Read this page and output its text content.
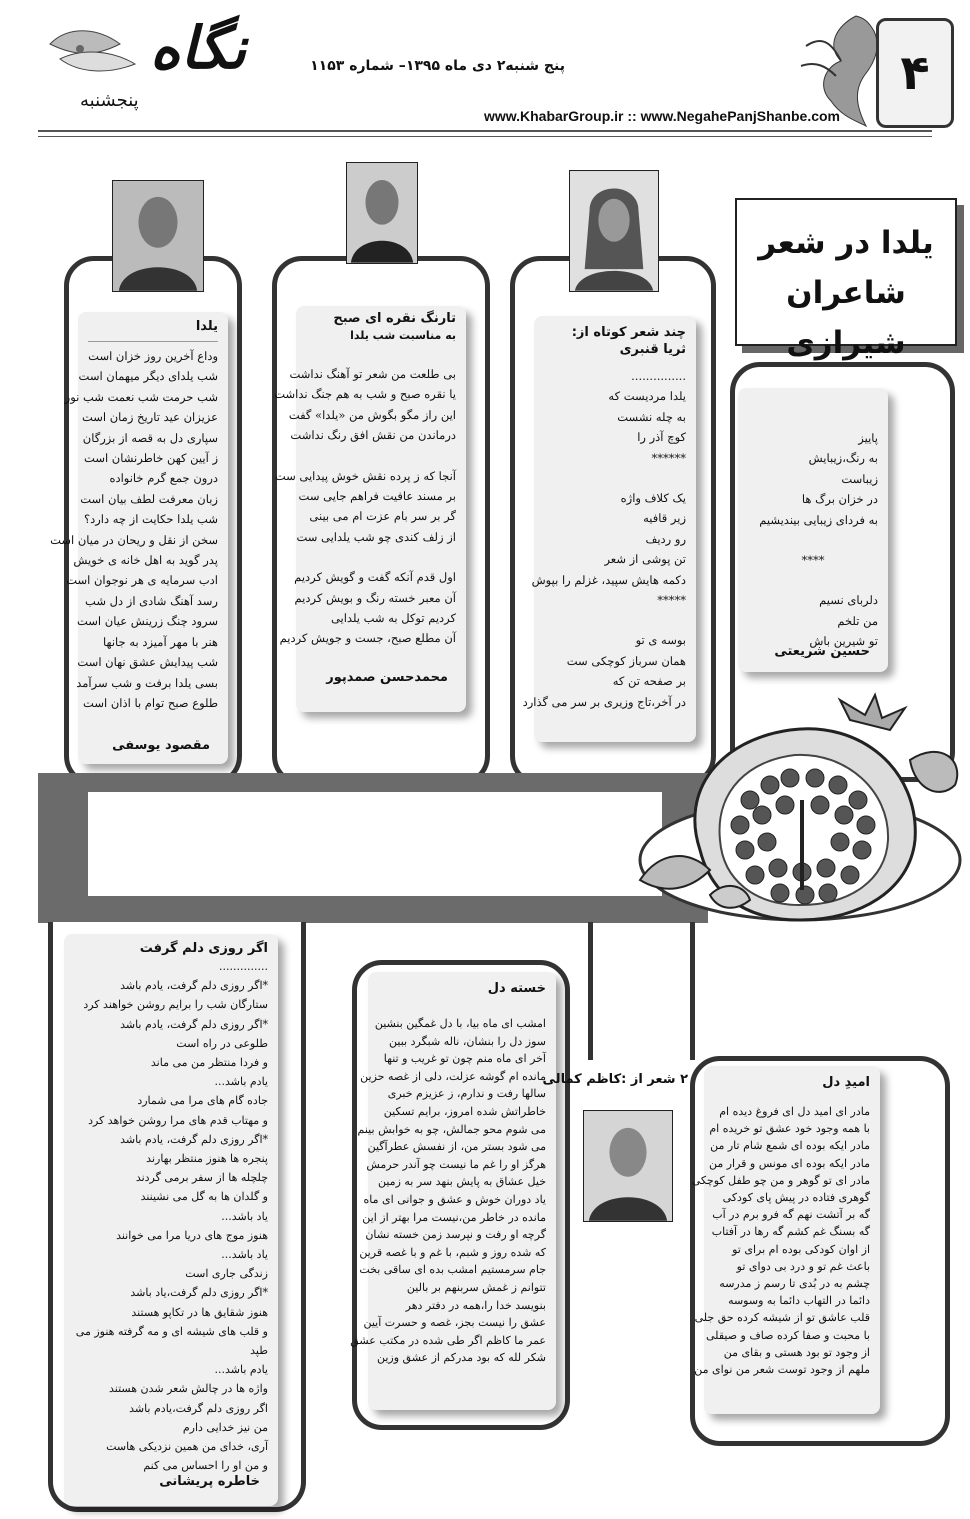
نگاه
پنجشنبه
پنج شنبه۲ دی ماه ۱۳۹۵– شماره ۱۱۵۳
www.KhabarGroup.ir :: www.NegahePanjShanbe.com
۴
یلدا در شعر
شاعران شیرازی

یلدا

وداع آخرین روز خزان است

شب یلدای دیگر میهمان است

شب حرمت شب نعمت شب نور

عزیزان عید تاریخ زمان است

سپاری دل به قصه از بزرگان

ز آیین کهن خاطرنشان است

درون جمع گرم خانواده

زبان معرفت لطف بیان است

شب یلدا حکایت از چه دارد؟

سخن از نقل و ریحان در میان است

پدر گوید به اهل خانه ی خویش

ادب سرمایه ی هر نوجوان است

رسد آهنگ شادی از دل شب

سرود چنگ زرینش عیان است

هنر با مهر آمیزد به جانها

شب پیدایش عشق نهان است

بسی یلدا برفت و شب سرآمد

طلوع صبح توام با اذان است

مقصود یوسفی

تارنگ نقره ای صبح

به مناسبت شب یلدا

بی طلعت من شعر تو آهنگ نداشت

یا نقره صبح و شب به هم جنگ نداشت

این راز مگو بگوش من «یلدا» گفت

درماندن من نقش افق رنگ نداشت

آنجا که ز پرده نقش خوش پیدایی ست

بر مسند عافیت فراهم جایی ست

گر بر سر بام عزت ام می بینی

از زلف کندی چو شب یلدایی ست

اول قدم آنکه گفت و گویش کردیم

آن معبر خسته رنگ و بویش کردیم

کردیم توکل به شب یلدایی

آن مطلع صبح، جست و جویش کردیم

محمدحسن صمدپور

چند شعر کوتاه از:

ثریا قنبری

...............

یلدا مردیست که

به چله نشست

کوچ آذر را

******

یک کلاف واژه

زیر قافیه

رو ردیف

تن پوشی از شعر

دکمه هایش سپید، غزلم را بپوش

*****

بوسه ی تو

همان سرباز کوچکی ست

بر صفحه تن که

در آخر،تاج وزیری بر سر می گذارد

پاییز

به رنگ،زیبایش

زیباست

در خزان برگ ها

به فردای زیبایی بیندیشیم

****

دلربای نسیم

من تلخم

تو شیرین باش

حسین شریعتی

اگر روزی دلم گرفت

..............

*اگر روزی دلم گرفت، یادم باشد

ستارگان شب را برایم روشن خواهند کرد

*اگر روزی دلم گرفت، یادم باشد

طلوعی در راه است

و فردا منتظر من می ماند

یادم باشد...

جاده گام های مرا می شمارد

و مهتاب قدم های مرا روشن خواهد کرد

*اگر روزی دلم گرفت، یادم باشد

پنجره ها هنوز منتظر بهارند

چلچله ها از سفر برمی گردند

و گلدان ها به گل می نشینند

یاد باشد...

هنوز موج های دریا مرا می خوانند

یاد باشد...

زندگی جاری است

*اگر روزی دلم گرفت،یاد باشد

هنوز شقایق ها در تکاپو هستند

و قلب های شیشه ای و مه گرفته هنوز می

طپد

یادم باشد...

واژه ها در چالش شعر شدن هستند

اگر روزی دلم گرفت،یادم باشد

من نیز خدایی دارم

آری، خدای من همین نزدیکی هاست

و من او را احساس می کنم

خاطره پریشانی

خسته دل

امشب ای ماه بیا، با دل غمگین بنشین

سوز دل را بنشان، ناله شبگرد ببین

آخر ای ماه منم چون تو غریب و تنها

مانده ام گوشه عزلت، دلی از غصه حزین

سالها رفت و ندارم، ز عزیزم خبری

خاطراتش شده امروز، برایم تسکین

می شوم محو جمالش، چو به خوابش بینم

می شود بستر من، از نفسش عطرآگین

هرگز او را غم ما نیست چو آندر حرمش

خیل عشاق به پایش بنهد سر به زمین

یاد دوران خوش و عشق و جوانی ای ماه

مانده در خاطر من،نیست مرا بهتر از این

گرچه او رفت و نپرسد زمن خسته نشان

که شده روز و شبم، با غم و با غصه قرین

جام سرمستیم امشب بده ای ساقی بخت

تتوانم ز غمش سربنهم بر بالین

بنویسد خدا را،همه در دفتر دهر

عشق را نیست بجز، غصه و حسرت آیین

عمر ما کاظم اگر طی شده در مکتب عشق

شکر لله که بود مدرکم از عشق وزین

۲ شعر از :کاظم کمالی	امیدِ دل

مادر ای امید دل ای فروغ دیده ام

با همه وجود خود عشق تو خریده ام

مادر ایکه بوده ای شمع شام تار من

مادر ایکه بوده ای مونس و قرار من

مادر ای تو گوهر و من چو طفل کوچکی

گوهری فتاده در پیش پای کودکی

گه بر آتشت نهم گه فرو برم در آب

گه بسنگ غم کشم گه رها در آفتاب

از اوان کودکی بوده ام برای تو

باعث غم تو و درد بی دوای تو

چشم به در بُدی تا رسم ز مدرسه

دائما در التهاب دائما به وسوسه

قلب عاشق تو از شیشه کرده حق جلی

با محبت و صفا کرده صاف و صیقلی

از وجود تو بود هستی و بقای من

ملهم از وجود توست شعر من نوای من
